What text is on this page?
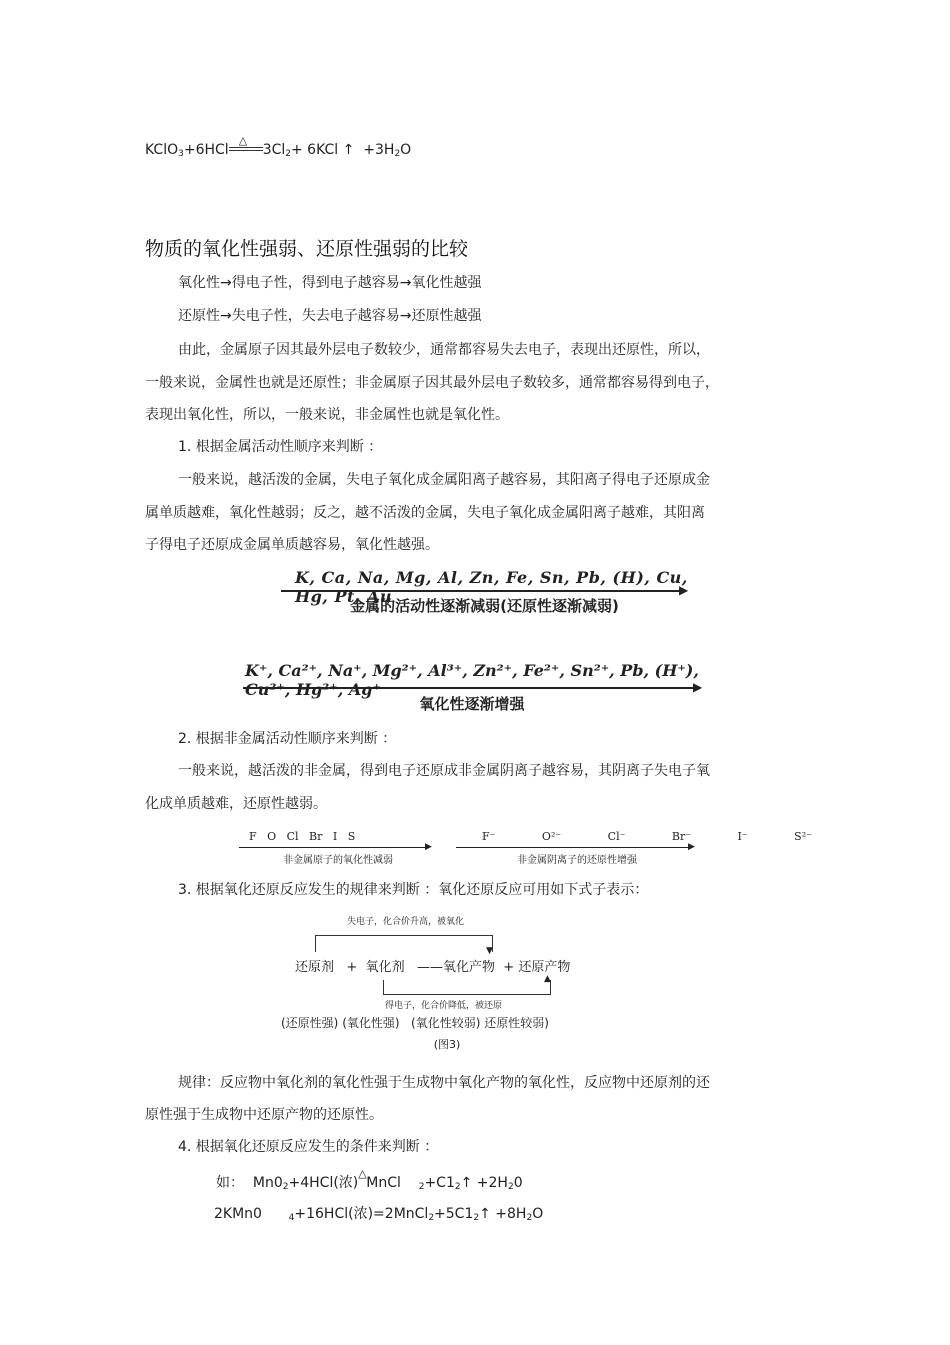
KClO$_3$+6HCl
△
$3Cl_2+ 6KCl$ ↑ $+3H_2O$
物质的氧化性强弱、还原性强弱的比较
氧化性→得电子性，得到电子越容易→氧化性越强
还原性→失电子性，失去电子越容易→还原性越强
由此，金属原子因其最外层电子数较少，通常都容易失去电子，表现出还原性，所以，
一般来说，金属性也就是还原性；非金属原子因其最外层电子数较多，通常都容易得到电子，
表现出氧化性，所以，一般来说，非金属性也就是氧化性。
1. 根据金属活动性顺序来判断 ：
一般来说，越活泼的金属，失电子氧化成金属阳离子越容易，其阳离子得电子还原成金
属单质越难，氧化性越弱；反之，越不活泼的金属，失电子氧化成金属阳离子越难，其阳离
子得电子还原成金属单质越容易，氧化性越强。
K, Ca, Na, Mg, Al, Zn, Fe, Sn, Pb, (H), Cu, Hg, Pt, Au	▶
金属的活动性逐渐减弱(还原性逐渐减弱)
K⁺, Ca²⁺, Na⁺, Mg²⁺, Al³⁺, Zn²⁺, Fe²⁺, Sn²⁺, Pb, (H⁺), Cu²⁺, Hg²⁺, Ag⁺	▶
氧化性逐渐增强
2. 根据非金属活动性顺序来判断 ：
一般来说，越活泼的非金属，得到电子还原成非金属阴离子越容易，其阴离子失电子氧
化成单质越难，还原性越弱。
F   O   Cl   Br   I   S
▶
非金属原子的氧化性减弱
F⁻   O²⁻   Cl⁻   Br⁻   I⁻   S²⁻
▶
非金属阴离子的还原性增强
3. 根据氧化还原反应发生的规律来判断 ：氧化还原反应可用如下式子表示：
失电子，化合价升高，被氧化
▼
还原剂 + 氧化剂 ——氧化产物 + 还原产物
▲
得电子，化合价降低，被还原
(还原性强) (氧化性强) (氧化性较弱) 还原性较弱)
(图3)
规律：反应物中氧化剂的氧化性强于生成物中氧化产物的氧化性，反应物中还原剂的还
原性强于生成物中还原产物的还原性。
4. 根据氧化还原反应发生的条件来判断 ：
如： $Mn0_2+4HCl$(浓)
△
MnCl $_2+C1_2↑ +2H_20$
2KMn0	$_4$+16HCl(浓)$=2MnCl_2+5C1_2↑ +8H_2O$
